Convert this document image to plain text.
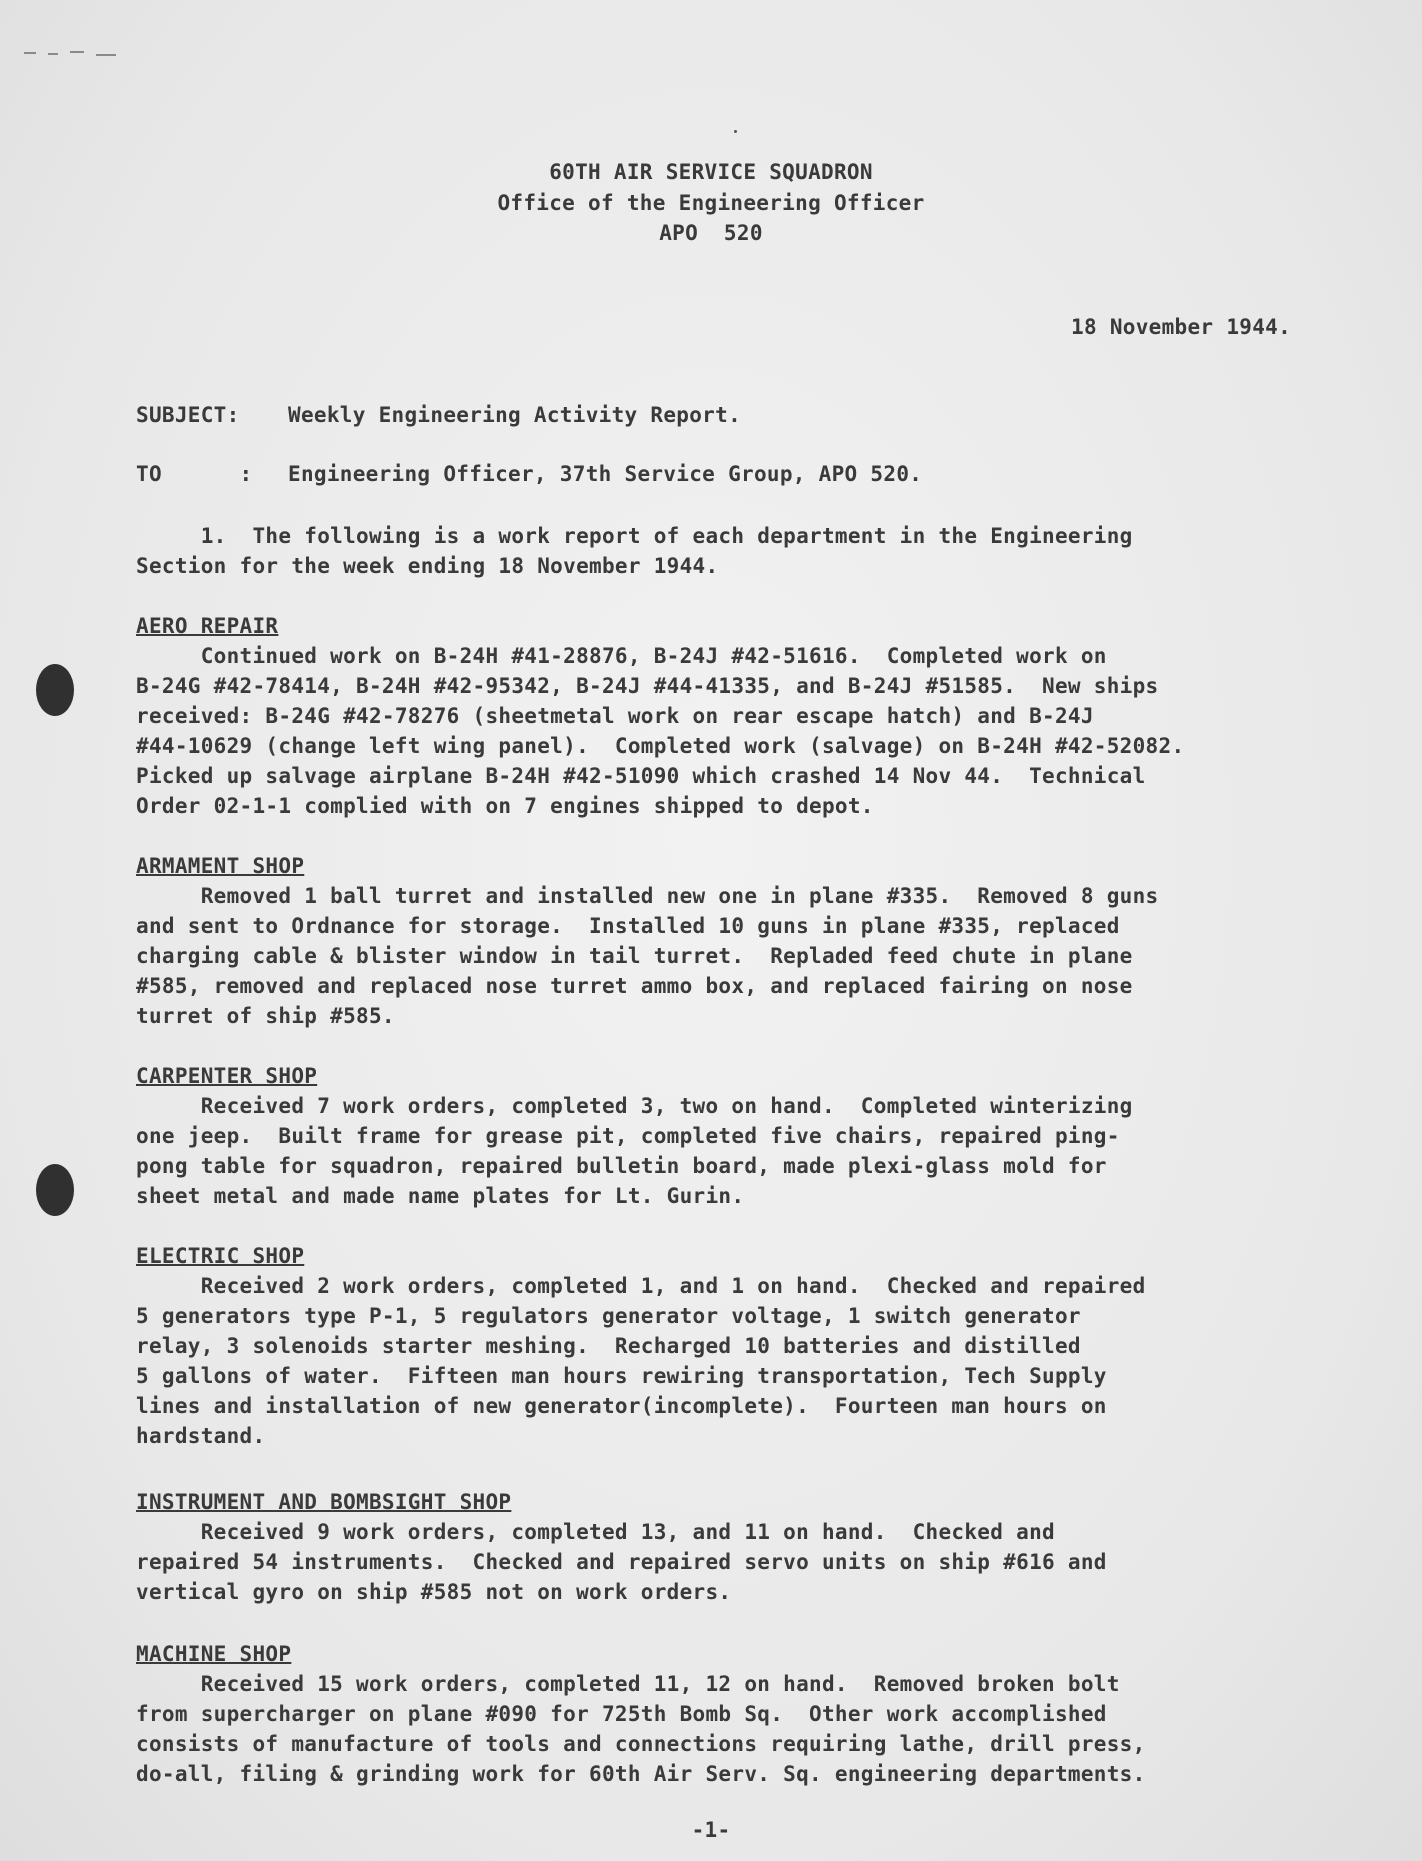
60TH AIR SERVICE SQUADRON
Office of the Engineering Officer
APO  520
18 November 1944.
SUBJECT: Weekly Engineering Activity Report.
TO      : Engineering Officer, 37th Service Group, APO 520.
1.  The following is a work report of each department in the Engineering
Section for the week ending 18 November 1944.
AERO REPAIR
Continued work on B-24H #41-28876, B-24J #42-51616.  Completed work on
B-24G #42-78414, B-24H #42-95342, B-24J #44-41335, and B-24J #51585.  New ships
received: B-24G #42-78276 (sheetmetal work on rear escape hatch) and B-24J
#44-10629 (change left wing panel).  Completed work (salvage) on B-24H #42-52082.
Picked up salvage airplane B-24H #42-51090 which crashed 14 Nov 44.  Technical
Order 02-1-1 complied with on 7 engines shipped to depot.
ARMAMENT SHOP
Removed 1 ball turret and installed new one in plane #335.  Removed 8 guns
and sent to Ordnance for storage.  Installed 10 guns in plane #335, replaced
charging cable & blister window in tail turret.  Repladed feed chute in plane
#585, removed and replaced nose turret ammo box, and replaced fairing on nose
turret of ship #585.
CARPENTER SHOP
Received 7 work orders, completed 3, two on hand.  Completed winterizing
one jeep.  Built frame for grease pit, completed five chairs, repaired ping-
pong table for squadron, repaired bulletin board, made plexi-glass mold for
sheet metal and made name plates for Lt. Gurin.
ELECTRIC SHOP
Received 2 work orders, completed 1, and 1 on hand.  Checked and repaired
5 generators type P-1, 5 regulators generator voltage, 1 switch generator
relay, 3 solenoids starter meshing.  Recharged 10 batteries and distilled
5 gallons of water.  Fifteen man hours rewiring transportation, Tech Supply
lines and installation of new generator(incomplete).  Fourteen man hours on
hardstand.
INSTRUMENT AND BOMBSIGHT SHOP
Received 9 work orders, completed 13, and 11 on hand.  Checked and
repaired 54 instruments.  Checked and repaired servo units on ship #616 and
vertical gyro on ship #585 not on work orders.
MACHINE SHOP
Received 15 work orders, completed 11, 12 on hand.  Removed broken bolt
from supercharger on plane #090 for 725th Bomb Sq.  Other work accomplished
consists of manufacture of tools and connections requiring lathe, drill press,
do-all, filing & grinding work for 60th Air Serv. Sq. engineering departments.
-1-
